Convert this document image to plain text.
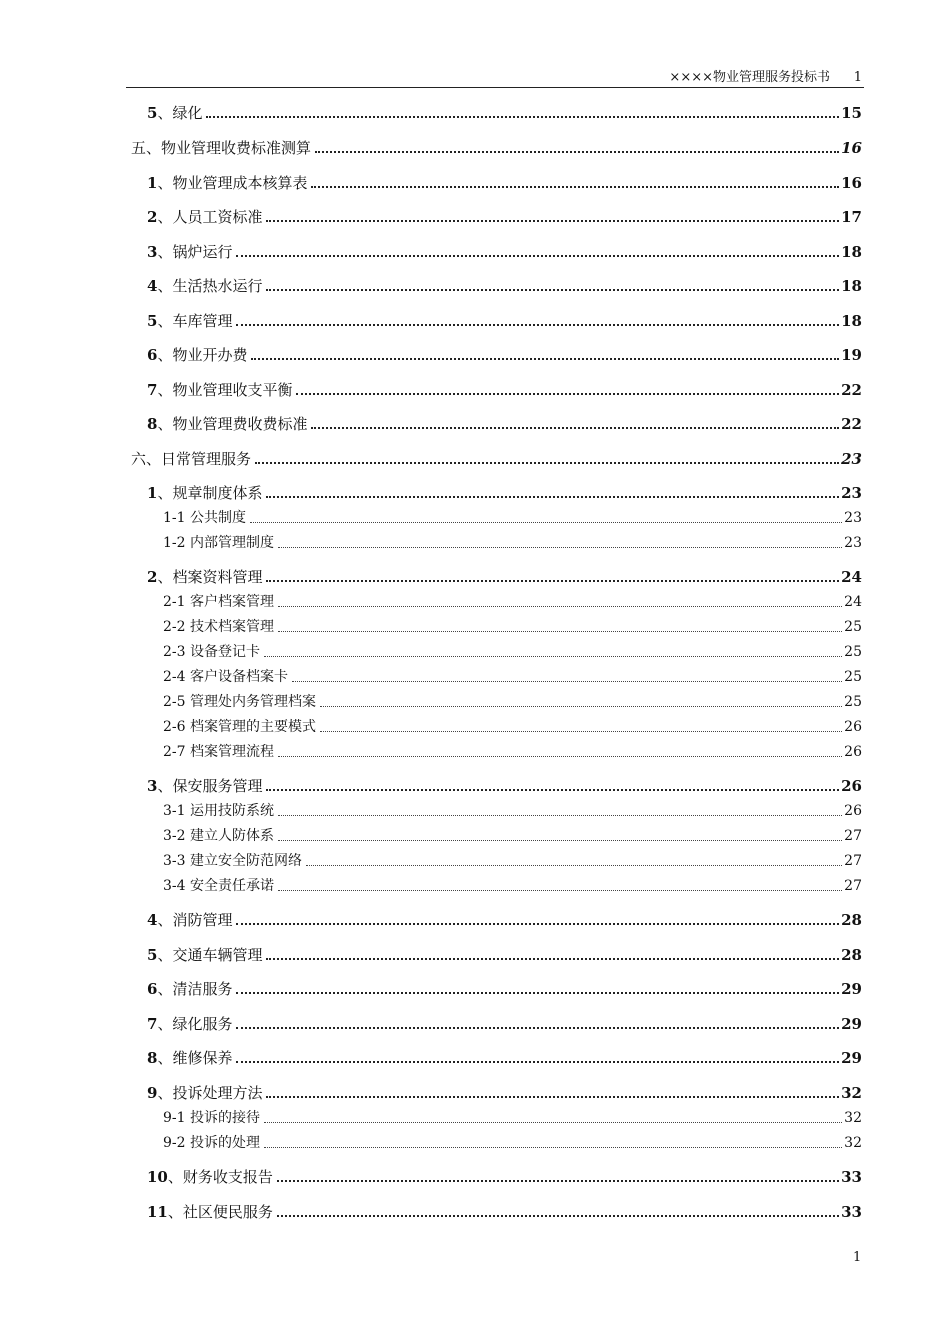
××××物业管理服务投标书 1
5、绿化	15
五、物业管理收费标准测算	16
1、物业管理成本核算表	16
2、人员工资标准	17
3、锅炉运行	18
4、生活热水运行	18
5、车库管理	18
6、物业开办费	19
7、物业管理收支平衡	22
8、物业管理费收费标准	22
六、日常管理服务	23
1、规章制度体系	23
1-1 公共制度	23
1-2 内部管理制度	23
2、档案资料管理	24
2-1 客户档案管理	24
2-2 技术档案管理	25
2-3 设备登记卡	25
2-4 客户设备档案卡	25
2-5 管理处内务管理档案	25
2-6 档案管理的主要模式	26
2-7 档案管理流程	26
3、保安服务管理	26
3-1 运用技防系统	26
3-2 建立人防体系	27
3-3 建立安全防范网络	27
3-4 安全责任承诺	27
4、消防管理	28
5、交通车辆管理	28
6、清洁服务	29
7、绿化服务	29
8、维修保养	29
9、投诉处理方法	32
9-1 投诉的接待	32
9-2 投诉的处理	32
10、财务收支报告	33
11、社区便民服务	33
1
